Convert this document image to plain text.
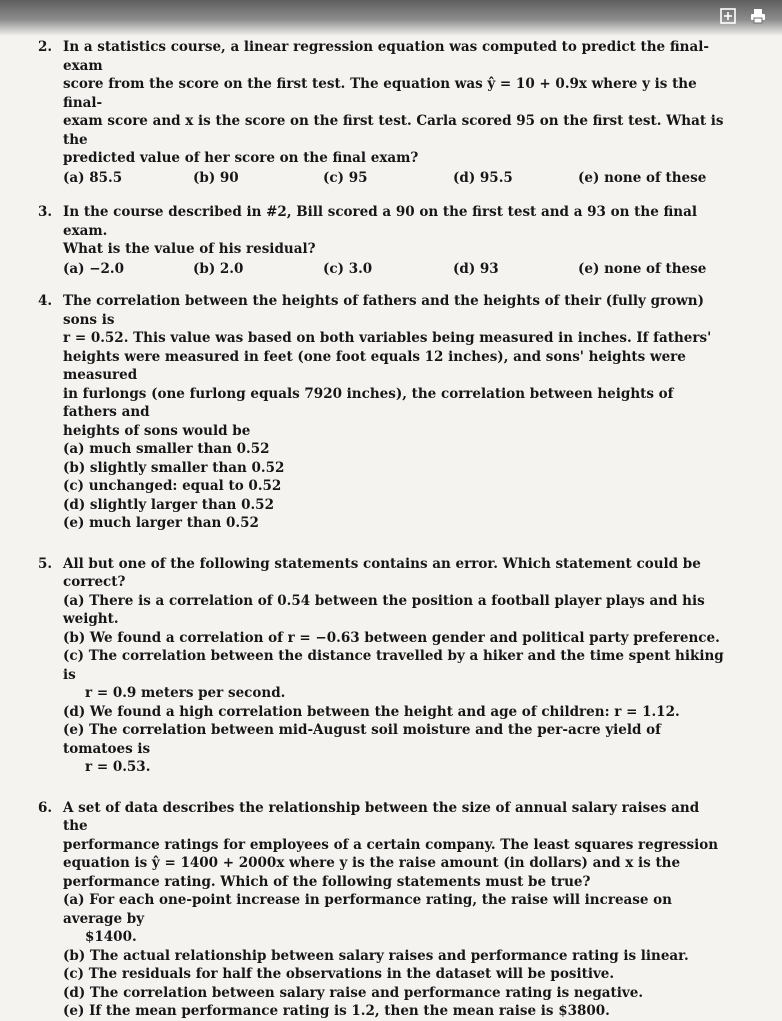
2. In a statistics course, a linear regression equation was computed to predict the final-exam

score from the score on the first test. The equation was ŷ = 10 + 0.9x where y is the final-

exam score and x is the score on the first test. Carla scored 95 on the first test. What is the

predicted value of her score on the final exam?

(a) 85.5	(b) 90	(c) 95	(d) 95.5	(e) none of these
3. In the course described in #2, Bill scored a 90 on the first test and a 93 on the final exam.

What is the value of his residual?

(a) −2.0	(b) 2.0	(c) 3.0	(d) 93	(e) none of these
4. The correlation between the heights of fathers and the heights of their (fully grown) sons is

r = 0.52. This value was based on both variables being measured in inches. If fathers'

heights were measured in feet (one foot equals 12 inches), and sons' heights were measured

in furlongs (one furlong equals 7920 inches), the correlation between heights of fathers and

heights of sons would be

(a) much smaller than 0.52
(b) slightly smaller than 0.52
(c) unchanged: equal to 0.52
(d) slightly larger than 0.52
(e) much larger than 0.52
5. All but one of the following statements contains an error. Which statement could be

correct?

(a) There is a correlation of 0.54 between the position a football player plays and his weight.
(b) We found a correlation of r = −0.63 between gender and political party preference.
(c) The correlation between the distance travelled by a hiker and the time spent hiking is
r = 0.9 meters per second.
(d) We found a high correlation between the height and age of children: r = 1.12.
(e) The correlation between mid-August soil moisture and the per-acre yield of tomatoes is
r = 0.53.
6. A set of data describes the relationship between the size of annual salary raises and the

performance ratings for employees of a certain company. The least squares regression

equation is ŷ = 1400 + 2000x where y is the raise amount (in dollars) and x is the

performance rating. Which of the following statements must be true?

(a) For each one-point increase in performance rating, the raise will increase on average by
$1400.
(b) The actual relationship between salary raises and performance rating is linear.
(c) The residuals for half the observations in the dataset will be positive.
(d) The correlation between salary raise and performance rating is negative.
(e) If the mean performance rating is 1.2, then the mean raise is $3800.
